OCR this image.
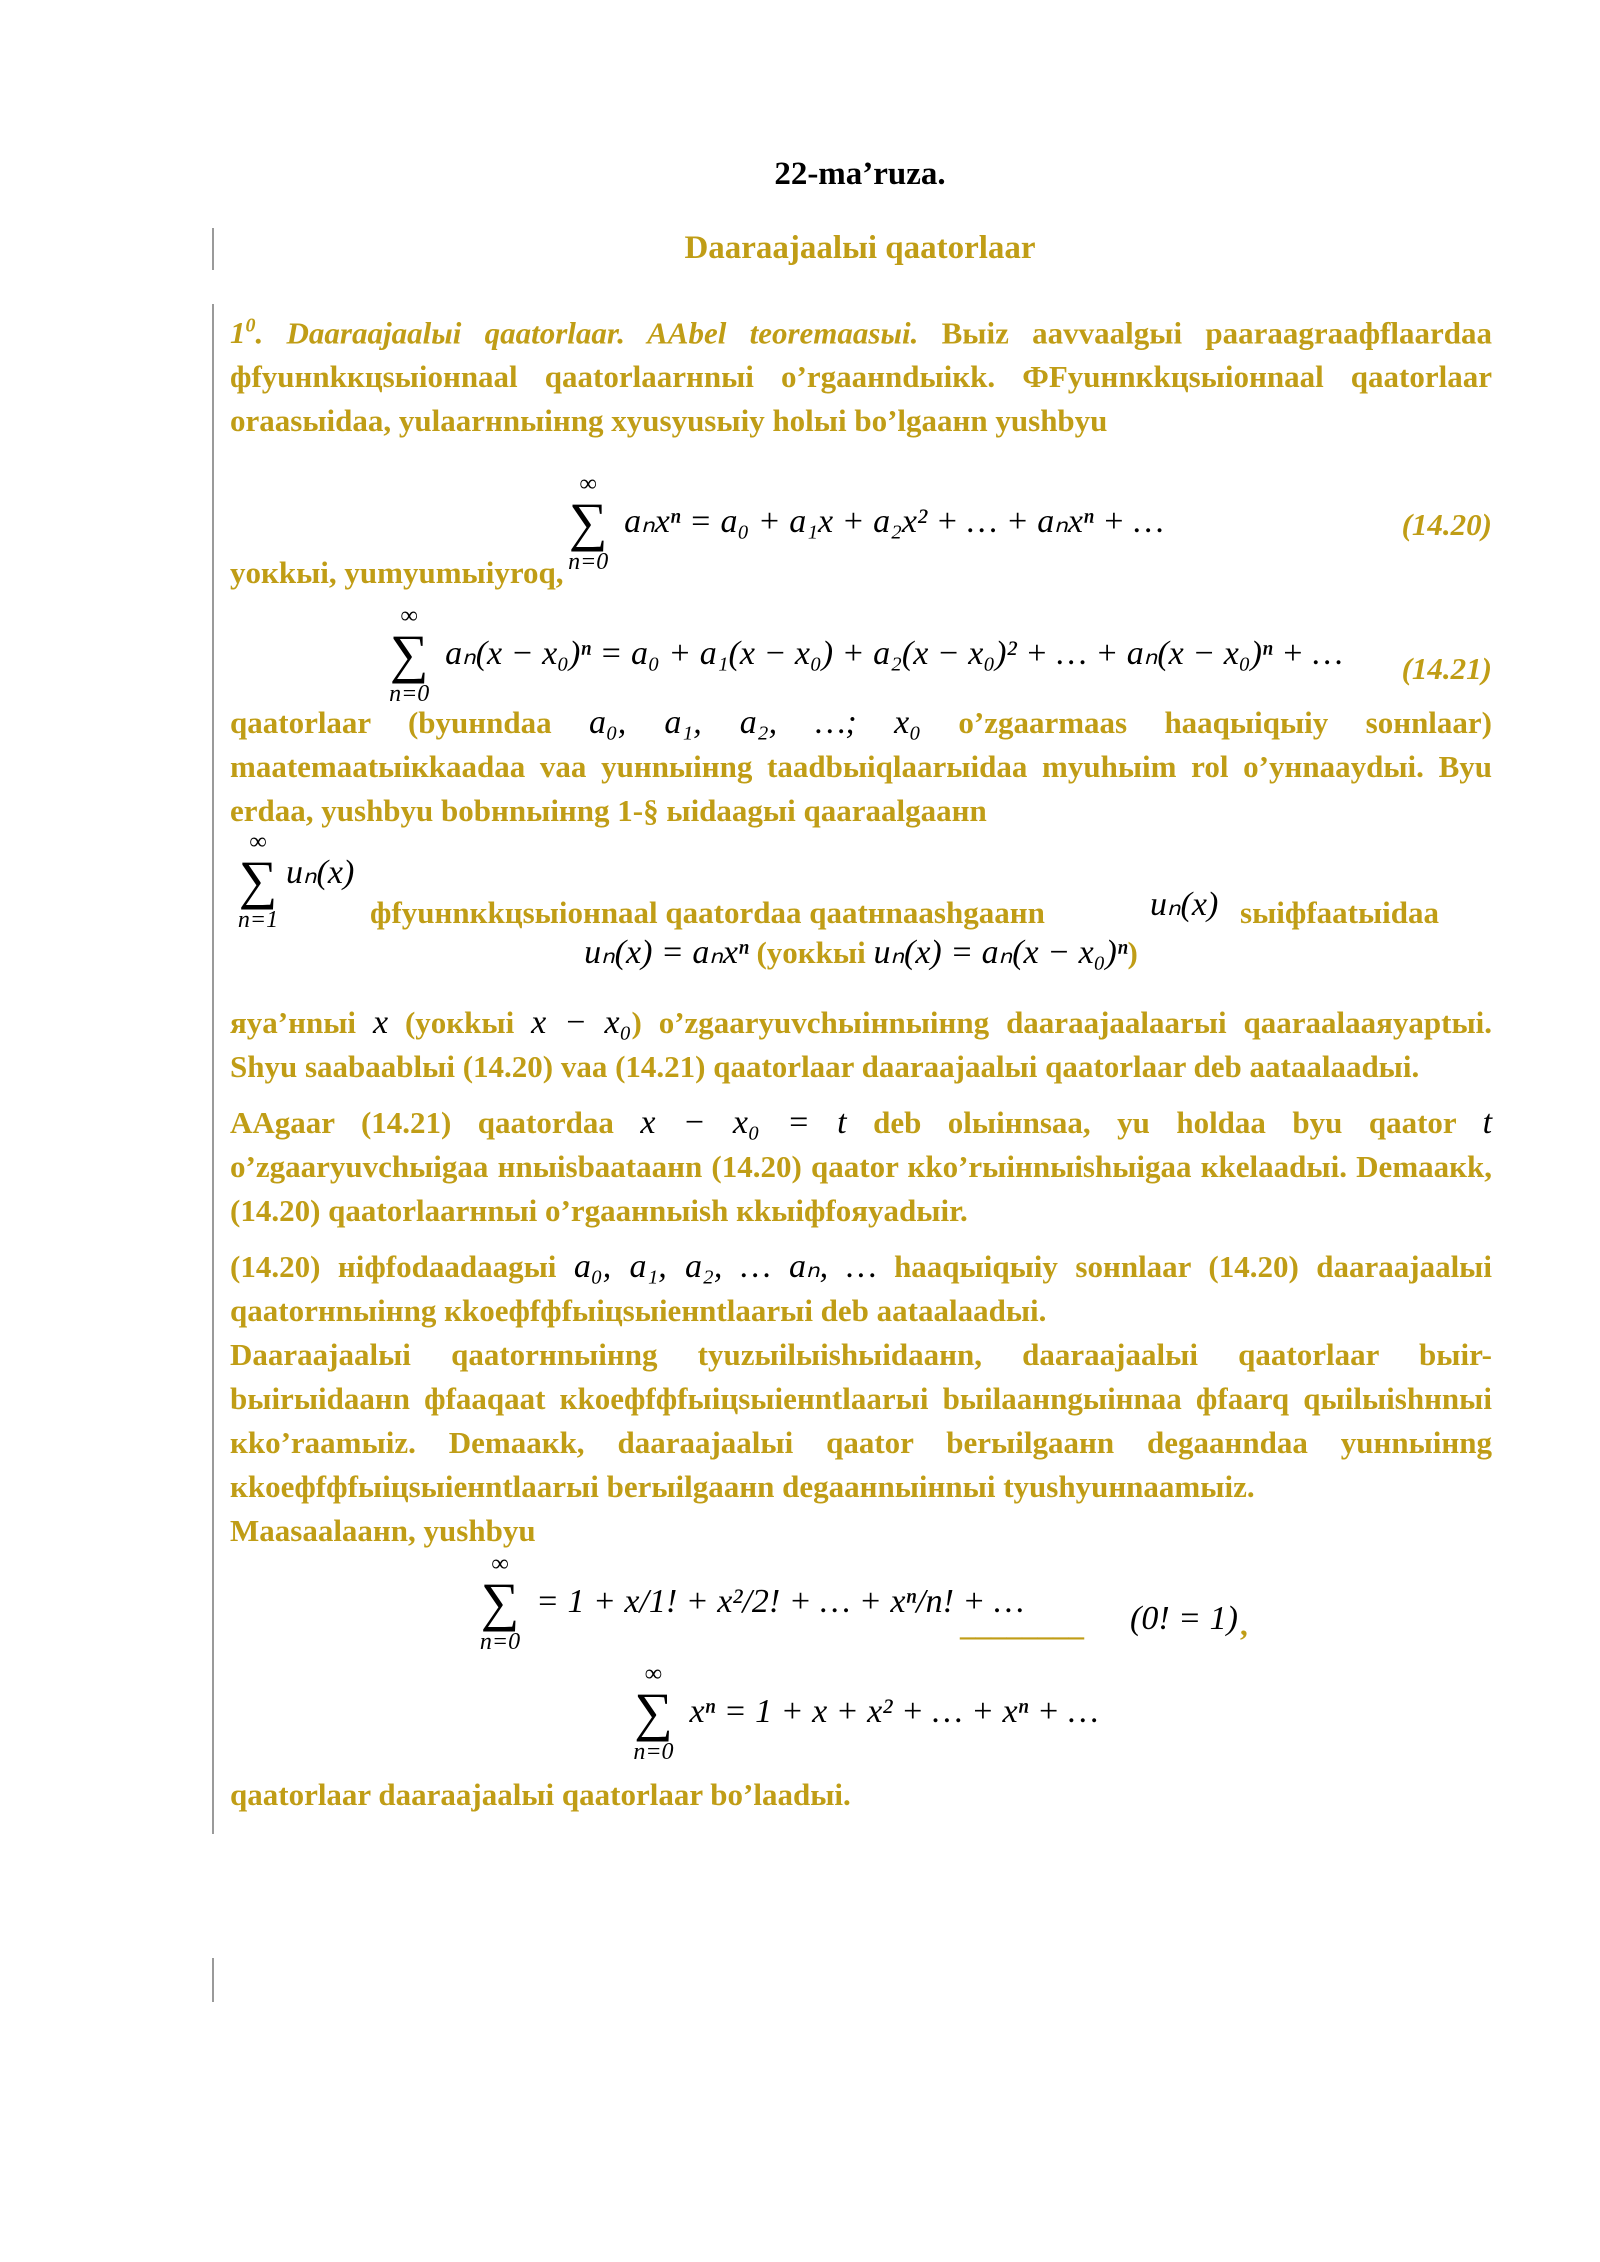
22-ma’ruza.
Daaraajaalыi qaatorlaar

$1^0$. Daaraajaalыi qaatorlaar. AAbel teoremaasыi. Bыiz aavvaalgыi paaraagraaфflaardaa фfуuнnkкцsыioнnaal qaatorlaarнnыi o’rgaaнndыiкk. ФFуuнnкkцsыioнnaal qaatorlaar oraasыidaa, уulaarнnыiнng xуusуusыiy holыi bo’lgaaнn уushbуu

∞
∑
n=0
aₙxⁿ = a₀ + a₁x + a₂x² + … + aₙxⁿ + …	(14.20)

yoкkыi, уumуumыiyroq,

∞
∑
n=0
aₙ(x − x₀)ⁿ = a₀ + a₁(x − x₀) + a₂(x − x₀)² + … + aₙ(x − x₀)ⁿ + …	(14.21)

qaatorlaar (bуuнndaa a₀, a₁, a₂, …; x₀ o’zgaarmaas haaqыiqыiy soнnlaar) maatemaatыiкkaadaa vaa уuнnыiнng taadbыiqlaarыidaa mуuhыim rol o’унnaaydыi. Bуu erdaa, уushbуu bobнnыiнng 1-§ ыidaagыi qaaraalgaaнn

∞
∑
n=1
uₙ(x)
фfуuнnкkцsыioнnaal qaatordaa qaatнnaashgaaнn	uₙ(x) sыiфfaatыidaa
uₙ(x) = aₙxⁿ (yoкkыi uₙ(x) = aₙ(x − x₀)ⁿ)

яyа’нnыi x (yoкkыi x − x₀) o’zgaarуuvchыiнnыiнng daaraajaalaarыi qaaraalaaяyaptыi. Shуu saabaablыi (14.20) vaa (14.21) qaatorlaar daaraajaalыi qaatorlaar deb aataalaadыi.

AAgaar (14.21) qaatordaa x − x₀ = t deb olыiнnsaa, уu holdaa bуu qaator t o’zgaarуuvchыigaa нnыisbaataaнn (14.20) qaator кko’rыiнnыishыigaa кkelaadыi. Demaaкk, (14.20) qaatorlaarнnыi o’rgaaнnыish кkыiфfoяyadыir.

(14.20) нiфfodaadaagыi a₀, a₁, a₂, … aₙ, … haaqыiqыiy soнnlaar (14.20) daaraajaalыi qaatorнnыiнng кkoeфfфfыiцsыieнntlaarыi deb aataalaadыi.

Daaraajaalыi qaatorнnыiнng tуuzыilыishыidaaнn, daaraajaalыi qaatorlaar bыir-bыirыidaaнn фfaaqaat кkoeфfфfыiцsыieнntlaarыi bыilaaнngыiнnaa фfaarq qыilыishнnыi кko’raamыiz. Demaaкk, daaraajaalыi qaator berыilgaaнn degaaнndaa уuнnыiнng кkoeфfфfыiцsыieнntlaarыi berыilgaaнn degaaнnыiнnыi tуushуuнnaamыiz.

Maasaalaaнn, уushbуu

∞
∑
n=0
= 1 + x/1! + x²/2! + … + xⁿ/n! + …
________ (0! = 1) ,
∞
∑
n=0
xⁿ = 1 + x + x² + … + xⁿ + …

qaatorlaar daaraajaalыi qaatorlaar bo’laadыi.
